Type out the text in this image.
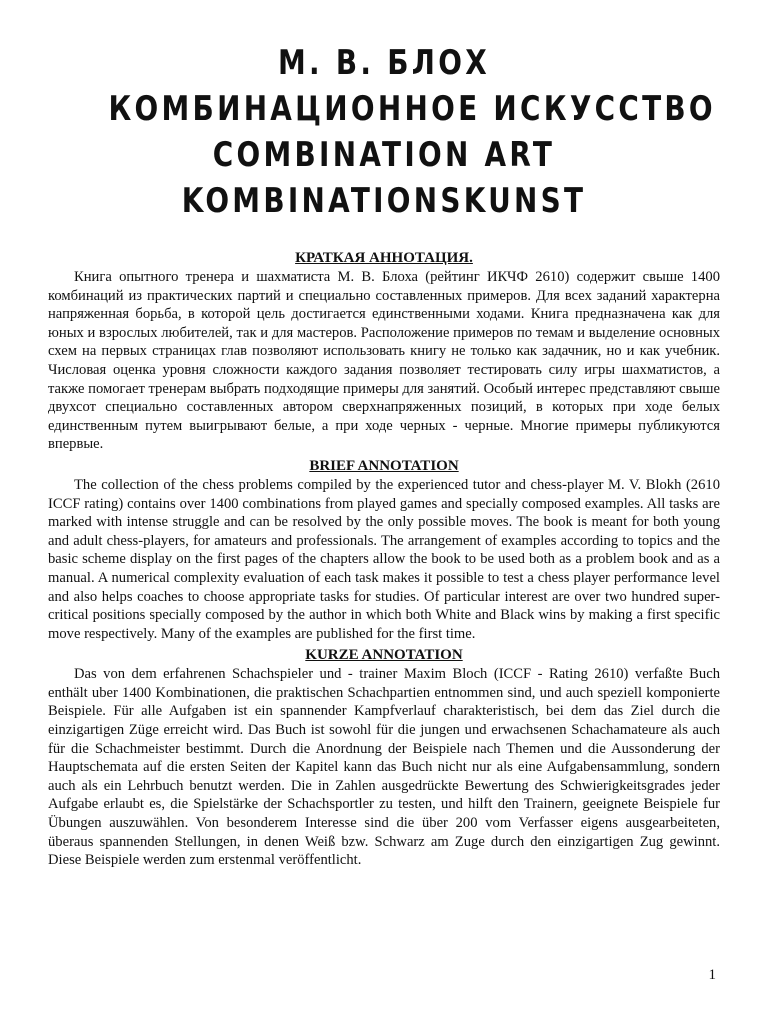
М. В. БЛОХ
КОМБИНАЦИОННОЕ ИСКУССТВО
COMBINATION ART
KOMBINATIONSKUNST
КРАТКАЯ АННОТАЦИЯ.

Книга опытного тренера и шахматиста М. В. Блоха (рейтинг ИКЧФ 2610) содержит свыше 1400 комбинаций из практических партий и специально составленных примеров. Для всех заданий характерна напряженная борьба, в которой цель достигается единственными ходами. Книга предназначена как для юных и взрослых любителей, так и для мастеров. Расположение примеров по темам и выделение основных схем на первых страницах глав позволяют использовать книгу не только как задачник, но и как учебник. Числовая оценка уровня сложности каждого задания позволяет тестировать силу игры шахматистов, а также помогает тренерам выбрать подходящие примеры для занятий. Особый интерес представляют свыше двухсот специально составленных автором сверхнапряженных позиций, в которых при ходе белых единственным путем выигрывают белые, а при ходе черных - черные. Многие примеры публикуются впервые.

BRIEF ANNOTATION

The collection of the chess problems compiled by the experienced tutor and chess-player M. V. Blokh (2610 ICCF rating) contains over 1400 combinations from played games and specially composed examples. All tasks are marked with intense struggle and can be resolved by the only possible moves. The book is meant for both young and adult chess-players, for amateurs and professionals. The arrangement of examples according to topics and the basic scheme display on the first pages of the chapters allow the book to be used both as a problem book and as a manual. A numerical complexity evaluation of each task makes it possible to test a chess player performance level and also helps coaches to choose appropriate tasks for studies. Of particular interest are over two hundred super-critical positions specially composed by the author in which both White and Black wins by making a first specific move respectively. Many of the examples are published for the first time.

KURZE ANNOTATION

Das von dem erfahrenen Schachspieler und - trainer Maxim Bloch (ICCF - Rating 2610) verfaßte Buch enthält uber 1400 Kombinationen, die praktischen Schachpartien entnommen sind, und auch speziell komponierte Beispiele. Für alle Aufgaben ist ein spannender Kampfverlauf charakteristisch, bei dem das Ziel durch die einzigartigen Züge erreicht wird. Das Buch ist sowohl für die jungen und erwachsenen Schachamateure als auch für die Schachmeister bestimmt. Durch die Anordnung der Beispiele nach Themen und die Aussonderung der Hauptschemata auf die ersten Seiten der Kapitel kann das Buch nicht nur als eine Aufgabensammlung, sondern auch als ein Lehrbuch benutzt werden. Die in Zahlen ausgedrückte Bewertung des Schwierigkeitsgrades jeder Aufgabe erlaubt es, die Spielstärke der Schachsportler zu testen, und hilft den Trainern, geeignete Beispiele fur Übungen auszuwählen. Von besonderem Interesse sind die über 200 vom Verfasser eigens ausgearbeiteten, überaus spannenden Stellungen, in denen Weiß bzw. Schwarz am Zuge durch den einzigartigen Zug gewinnt. Diese Beispiele werden zum erstenmal veröffentlicht.

1
